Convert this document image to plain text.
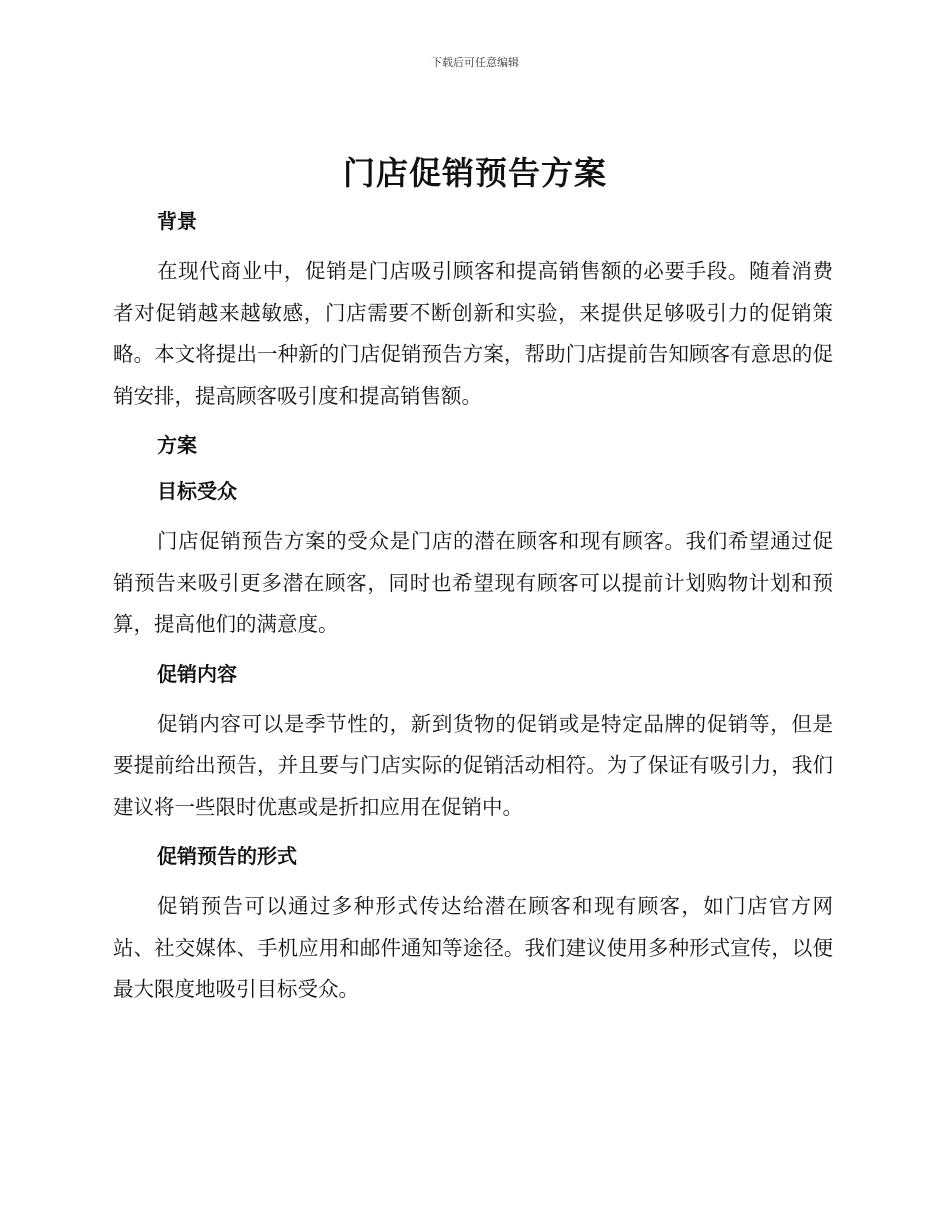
下载后可任意编辑
门店促销预告方案
背景

在现代商业中，促销是门店吸引顾客和提高销售额的必要手段。随着消费者对促销越来越敏感，门店需要不断创新和实验，来提供足够吸引力的促销策略。本文将提出一种新的门店促销预告方案，帮助门店提前告知顾客有意思的促销安排，提高顾客吸引度和提高销售额。

方案
目标受众

门店促销预告方案的受众是门店的潜在顾客和现有顾客。我们希望通过促销预告来吸引更多潜在顾客，同时也希望现有顾客可以提前计划购物计划和预算，提高他们的满意度。

促销内容

促销内容可以是季节性的，新到货物的促销或是特定品牌的促销等，但是要提前给出预告，并且要与门店实际的促销活动相符。为了保证有吸引力，我们建议将一些限时优惠或是折扣应用在促销中。

促销预告的形式

促销预告可以通过多种形式传达给潜在顾客和现有顾客，如门店官方网站、社交媒体、手机应用和邮件通知等途径。我们建议使用多种形式宣传，以便最大限度地吸引目标受众。
